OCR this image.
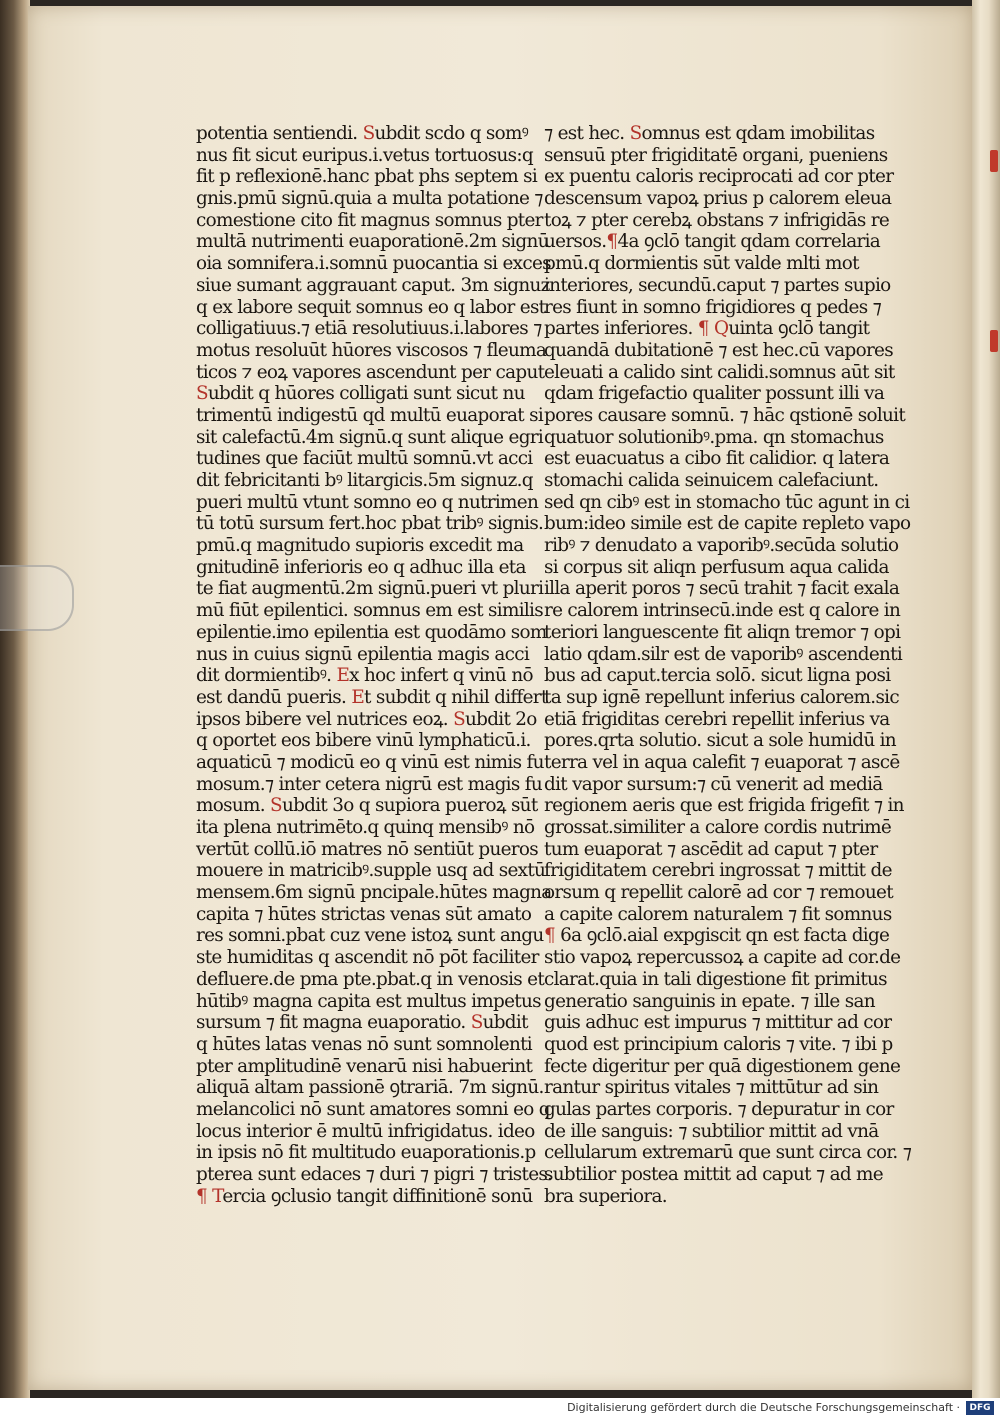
potentia sentiendi. Subdit scdo q somꝰ
nus fit sicut euripus.i.vetus tortuosus:q
fit p reflexionē.hanc pbat phs septem si
gnis.pmū signū.quia a multa potatione ⁊
comestione cito fit magnus somnus pter
multā nutrimenti euaporationē.2m signū
oia somnifera.i.somnū puocantia si exces
siue sumant aggrauant caput. 3m signuz
q ex labore sequit somnus eo q labor est
colligatiuus.⁊ etiā resolutiuus.i.labores ⁊
motus resoluūt hūores viscosos ⁊ fleuma
ticos ⁊ eoꝝ vapores ascendunt per caput
Subdit q hūores colligati sunt sicut nu
trimentū indigestū qd multū euaporat si
sit calefactū.4m signū.q sunt alique egri
tudines que faciūt multū somnū.vt acci
dit febricitanti bꝰ litargicis.5m signuz.q
pueri multū vtunt somno eo q nutrimen
tū totū sursum fert.hoc pbat tribꝰ signis.
pmū.q magnitudo supioris excedit ma
gnitudinē inferioris eo q adhuc illa eta
te fiat augmentū.2m signū.pueri vt pluri
mū fiūt epilentici. somnus em est similis
epilentie.imo epilentia est quodāmo som
nus in cuius signū epilentia magis acci
dit dormientibꝰ. Ex hoc infert q vinū nō
est dandū pueris. Et subdit q nihil differt
ipsos bibere vel nutrices eoꝝ. Subdit 2o
q oportet eos bibere vinū lymphaticū.i.
aquaticū ⁊ modicū eo q vinū est nimis fu
mosum.⁊ inter cetera nigrū est magis fu
mosum. Subdit 3o q supiora pueroꝝ sūt
ita plena nutrimēto.q quinq mensibꝰ nō
vertūt collū.iō matres nō sentiūt pueros
mouere in matricibꝰ.supple usq ad sextū
mensem.6m signū pncipale.hūtes magna
capita ⁊ hūtes strictas venas sūt amato
res somni.pbat cuz vene istoꝝ sunt angu
ste humiditas q ascendit nō pōt faciliter
defluere.de pma pte.pbat.q in venosis et
hūtibꝰ magna capita est multus impetus
sursum ⁊ fit magna euaporatio. Subdit
q hūtes latas venas nō sunt somnolenti
pter amplitudinē venarū nisi habuerint
aliquā altam passionē ꝯtrariā. 7m signū.
melancolici nō sunt amatores somni eo q
locus interior ē multū infrigidatus. ideo
in ipsis nō fit multitudo euaporationis.p
pterea sunt edaces ⁊ duri ⁊ pigri ⁊ tristes.
¶ Tercia ꝯclusio tangit diffinitionē sonū
⁊ est hec. Somnus est qdam imobilitas
sensuū pter frigiditatē organi, pueniens
ex puentu caloris reciprocati ad cor pter
descensum vapoꝝ prius p calorem eleua
toꝝ ⁊ pter cerebꝝ obstans ⁊ infrigidās re
uersos.¶4a ꝯclō tangit qdam correlaria
pmū.q dormientis sūt valde mlti mot
interiores, secundū.caput ⁊ partes supio
res fiunt in somno frigidiores q pedes ⁊
partes inferiores. ¶ Quinta ꝯclō tangit
quandā dubitationē ⁊ est hec.cū vapores
eleuati a calido sint calidi.somnus aūt sit
qdam frigefactio qualiter possunt illi va
pores causare somnū. ⁊ hāc qstionē soluit
quatuor solutionibꝰ.pma. qn stomachus
est euacuatus a cibo fit calidior. q latera
stomachi calida seinuicem calefaciunt.
sed qn cibꝰ est in stomacho tūc agunt in ci
bum:ideo simile est de capite repleto vapo
ribꝰ ⁊ denudato a vaporibꝰ.secūda solutio
si corpus sit aliqn perfusum aqua calida
illa aperit poros ⁊ secū trahit ⁊ facit exala
re calorem intrinsecū.inde est q calore in
teriori languescente fit aliqn tremor ⁊ opi
latio qdam.silr est de vaporibꝰ ascendenti
bus ad caput.tercia solō. sicut ligna posi
ta sup ignē repellunt inferius calorem.sic
etiā frigiditas cerebri repellit inferius va
pores.qrta solutio. sicut a sole humidū in
terra vel in aqua calefit ⁊ euaporat ⁊ ascē
dit vapor sursum:⁊ cū venerit ad mediā
regionem aeris que est frigida frigefit ⁊ in
grossat.similiter a calore cordis nutrimē
tum euaporat ⁊ ascēdit ad caput ⁊ pter
frigiditatem cerebri ingrossat ⁊ mittit de
orsum q repellit calorē ad cor ⁊ remouet
a capite calorem naturalem ⁊ fit somnus
¶ 6a ꝯclō.aial expgiscit qn est facta dige
stio vapoꝝ repercussoꝝ a capite ad cor.de
clarat.quia in tali digestione fit primitus
generatio sanguinis in epate. ⁊ ille san
guis adhuc est impurus ⁊ mittitur ad cor
quod est principium caloris ⁊ vite. ⁊ ibi p
fecte digeritur per quā digestionem gene
rantur spiritus vitales ⁊ mittūtur ad sin
gulas partes corporis. ⁊ depuratur in cor
de ille sanguis: ⁊ subtilior mittit ad vnā
cellularum extremarū que sunt circa cor. ⁊
subtilior postea mittit ad caput ⁊ ad me
bra superiora.
Digitalisierung gefördert durch die Deutsche Forschungsgemeinschaft ·	DFG
